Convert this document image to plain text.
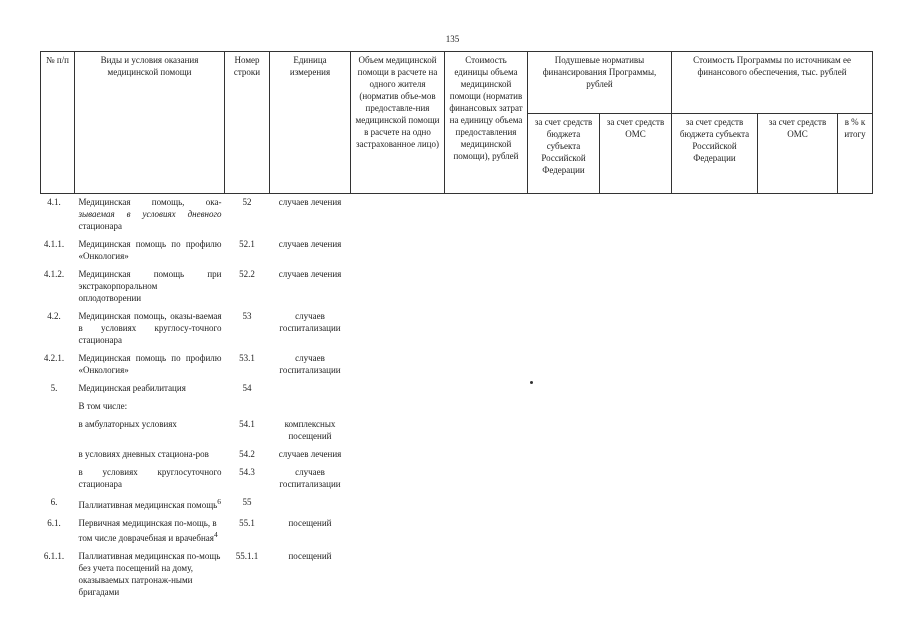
135
№ п/п	Виды и условия оказания медицинской помощи	Номер строки	Единица измерения	Объем медицинской помощи в расчете на одного жителя (норматив объе-мов предоставле-ния медицинской помощи в расчете на одно застрахованное лицо)	Стоимость единицы объема медицинской помощи (норматив финансовых затрат на единицу объема предоставления медицинской помощи), рублей	Подушевые нормативы финансирования Программы, рублей		Стоимость Программы по источникам ее финансового обеспечения, тыс. рублей		
						за счет средств бюджета субъекта Российской Федерации	за счет средств ОМС	за счет средств бюджета субъекта Российской Федерации	за счет средств ОМС	в % к итогу
4.1.	Медицинская помощь, ока- зываемая в условиях дневного стационара	52	случаев лечения							
4.1.1.	Медицинская помощь по профилю «Онкология»	52.1	случаев лечения							
4.1.2.	Медицинская помощь при экстракорпоральном оплодотворении	52.2	случаев лечения							
4.2.	Медицинская помощь, оказы-ваемая в условиях круглосу-точного стационара	53	случаев госпитализации							
4.2.1.	Медицинская помощь по профилю «Онкология»	53.1	случаев госпитализации							
5.	Медицинская реабилитация	54								
	В том числе:									
	в амбулаторных условиях	54.1	комплексных посещений							
	в условиях дневных стациона-ров	54.2	случаев лечения							
	в условиях круглосуточного стационара	54.3	случаев госпитализации							
6.	Паллиативная медицинская помощь$^6$	55								
6.1.	Первичная медицинская по-мощь, в том числе доврачебная и врачебная$^4$	55.1	посещений							
6.1.1.	Паллиативная медицинская по-мощь без учета посещений на дому, оказываемых патронаж-ными бригадами	55.1.1	посещений							
